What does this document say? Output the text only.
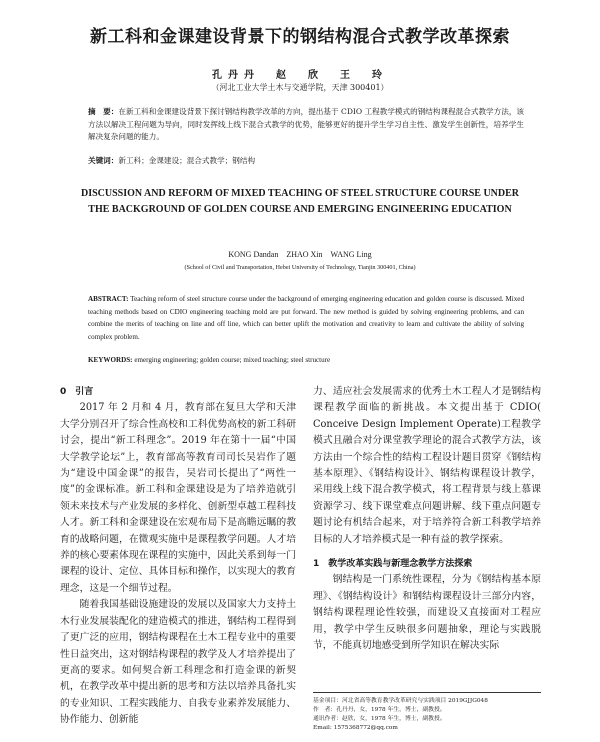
新工科和金课建设背景下的钢结构混合式教学改革探索
孔丹丹　赵　欣　王　玲
（河北工业大学土木与交通学院，天津 300401）
摘　要：在新工科和金课建设背景下探讨钢结构教学改革的方向，提出基于 CDIO 工程教学模式的钢结构课程混合式教学方法，该方法以解决工程问题为导向，同时发挥线上线下混合式教学的优势，能够更好的提升学生学习自主性、激发学生创新性，培养学生解决复杂问题的能力。
关键词：新工科；金课建设；混合式教学；钢结构
DISCUSSION AND REFORM OF MIXED TEACHING OF STEEL STRUCTURE COURSE UNDER THE BACKGROUND OF GOLDEN COURSE AND EMERGING ENGINEERING EDUCATION
KONG Dandan　ZHAO Xin　WANG Ling
(School of Civil and Transportation, Hebei University of Technology, Tianjin 300401, China)
ABSTRACT: Teaching reform of steel structure course under the background of emerging engineering education and golden course is discussed. Mixed teaching methods based on CDIO engineering teaching mold are put forward. The new method is guided by solving engineering problems, and can combine the merits of teaching on line and off line, which can better uplift the motivation and creativity to learn and cultivate the ability of solving complex problem.
KEYWORDS: emerging engineering; golden course; mixed teaching; steel structure

0　引言

2017 年 2 月和 4 月，教育部在复旦大学和天津大学分别召开了综合性高校和工科优势高校的新工科研讨会，提出“新工科理念”。2019 年在第十一届“中国大学教学论坛”上，教育部高等教育司司长吴岩作了题为“建设中国金课”的报告，吴岩司长提出了“两性一度”的金课标准。新工科和金课建设是为了培养造就引领未来技术与产业发展的多样化、创新型卓越工程科技人才。新工科和金课建设在宏观布局下是高瞻远瞩的教育的战略问题，在微观实施中是课程教学问题。人才培养的核心要素体现在课程的实施中，因此关系到每一门课程的设计、定位、具体目标和操作，以实现大的教育理念，这是一个细节过程。

随着我国基础设施建设的发展以及国家大力支持土木行业发展装配化的建造模式的推进，钢结构工程得到了更广泛的应用，钢结构课程在土木工程专业中的重要性日益突出，这对钢结构课程的教学及人才培养提出了更高的要求。如何契合新工科理念和打造金课的新契机，在教学改革中提出新的思考和方法以培养具备扎实的专业知识、工程实践能力、自我专业素养发展能力、协作能力、创新能

力、适应社会发展需求的优秀土木工程人才是钢结构课程教学面临的新挑战。本文提出基于 CDIO( Conceive Design Implement Operate)工程教学模式且融合对分课堂教学理论的混合式教学方法，该方法由一个综合性的结构工程设计题目贯穿《钢结构基本原理》、《钢结构设计》、钢结构课程设计教学，采用线上线下混合教学模式，将工程背景与线上慕课资源学习、线下课堂难点问题讲解、线下重点问题专题讨论有机结合起来，对于培养符合新工科教学培养目标的人才培养模式是一种有益的教学探索。

1　教学改革实践与新理念教学方法探索

钢结构是一门系统性课程，分为《钢结构基本原理》、《钢结构设计》和钢结构课程设计三部分内容，钢结构课程理论性较强，而建设又直接面对工程应用，教学中学生反映很多问题抽象，理论与实践脱节，不能真切地感受到所学知识在解决实际

基金项目：河北省高等教育教学改革研究与实践项目 2019GJJG048
作　者：孔丹丹，女，1978 年生，博士，副教授。
通讯作者：赵欣，女，1978 年生，博士，副教授。
Email: 1575368772@qq.com
